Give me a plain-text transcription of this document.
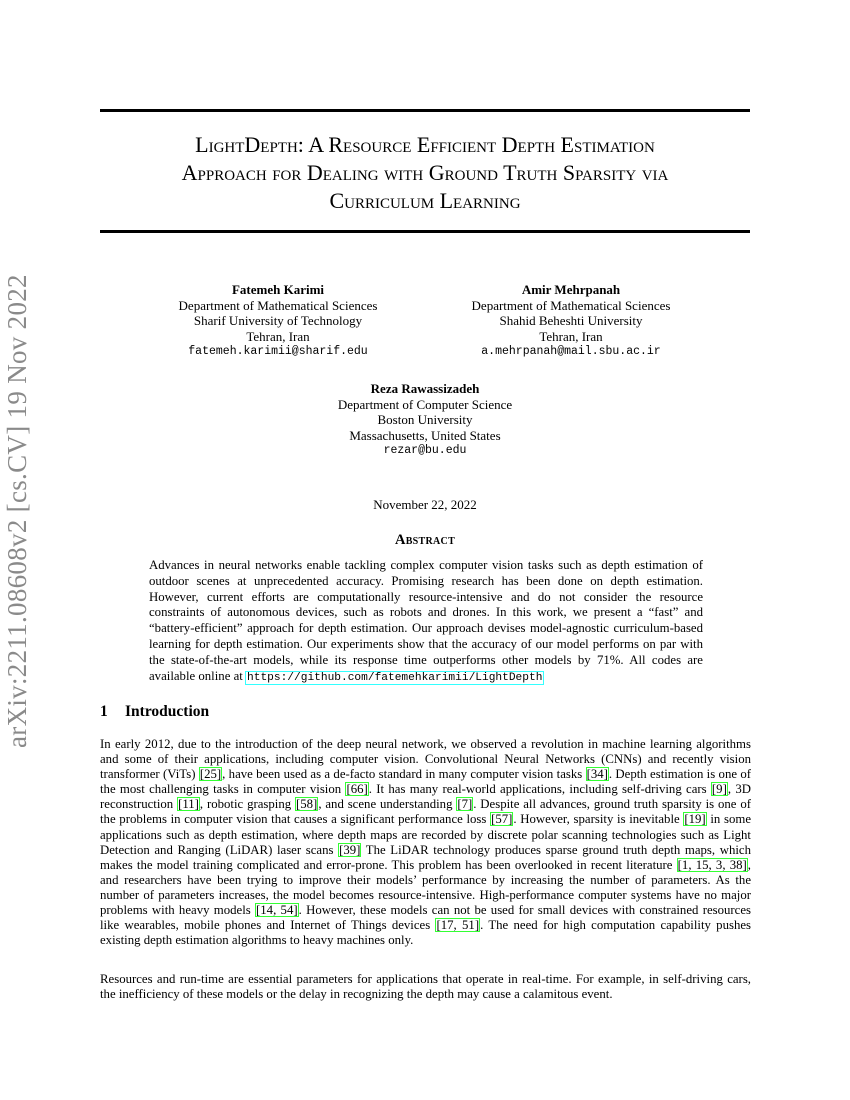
arXiv:2211.08608v2 [cs.CV] 19 Nov 2022
LightDepth: A Resource Efficient Depth Estimation
Approach for Dealing with Ground Truth Sparsity via
Curriculum Learning
Fatemeh Karimi
Department of Mathematical Sciences
Sharif University of Technology
Tehran, Iran
fatemeh.karimii@sharif.edu
Amir Mehrpanah
Department of Mathematical Sciences
Shahid Beheshti University
Tehran, Iran
a.mehrpanah@mail.sbu.ac.ir
Reza Rawassizadeh
Department of Computer Science
Boston University
Massachusetts, United States
rezar@bu.edu
November 22, 2022
Abstract
Advances in neural networks enable tackling complex computer vision tasks such as depth estimation of outdoor scenes at unprecedented accuracy. Promising research has been done on depth estimation. However, current efforts are computationally resource-intensive and do not consider the resource constraints of autonomous devices, such as robots and drones. In this work, we present a “fast” and “battery-efficient” approach for depth estimation. Our approach devises model-agnostic curriculum-based learning for depth estimation. Our experiments show that the accuracy of our model performs on par with the state-of-the-art models, while its response time outperforms other models by 71%. All codes are available online at https://github.com/fatemehkarimii/LightDepth
1 Introduction
In early 2012, due to the introduction of the deep neural network, we observed a revolution in machine learning algorithms and some of their applications, including computer vision. Convolutional Neural Networks (CNNs) and recently vision transformer (ViTs) [25], have been used as a de-facto standard in many computer vision tasks [34]. Depth estimation is one of the most challenging tasks in computer vision [66]. It has many real-world applications, including self-driving cars [9], 3D reconstruction [11], robotic grasping [58], and scene understanding [7]. Despite all advances, ground truth sparsity is one of the problems in computer vision that causes a significant performance loss [57]. However, sparsity is inevitable [19] in some applications such as depth estimation, where depth maps are recorded by discrete polar scanning technologies such as Light Detection and Ranging (LiDAR) laser scans [39] The LiDAR technology produces sparse ground truth depth maps, which makes the model training complicated and error-prone. This problem has been overlooked in recent literature [1, 15, 3, 38], and researchers have been trying to improve their models’ performance by increasing the number of parameters. As the number of parameters increases, the model becomes resource-intensive. High-performance computer systems have no major problems with heavy models [14, 54]. However, these models can not be used for small devices with constrained resources like wearables, mobile phones and Internet of Things devices [17, 51]. The need for high computation capability pushes existing depth estimation algorithms to heavy machines only.
Resources and run-time are essential parameters for applications that operate in real-time. For example, in self-driving cars, the inefficiency of these models or the delay in recognizing the depth may cause a calamitous event.
